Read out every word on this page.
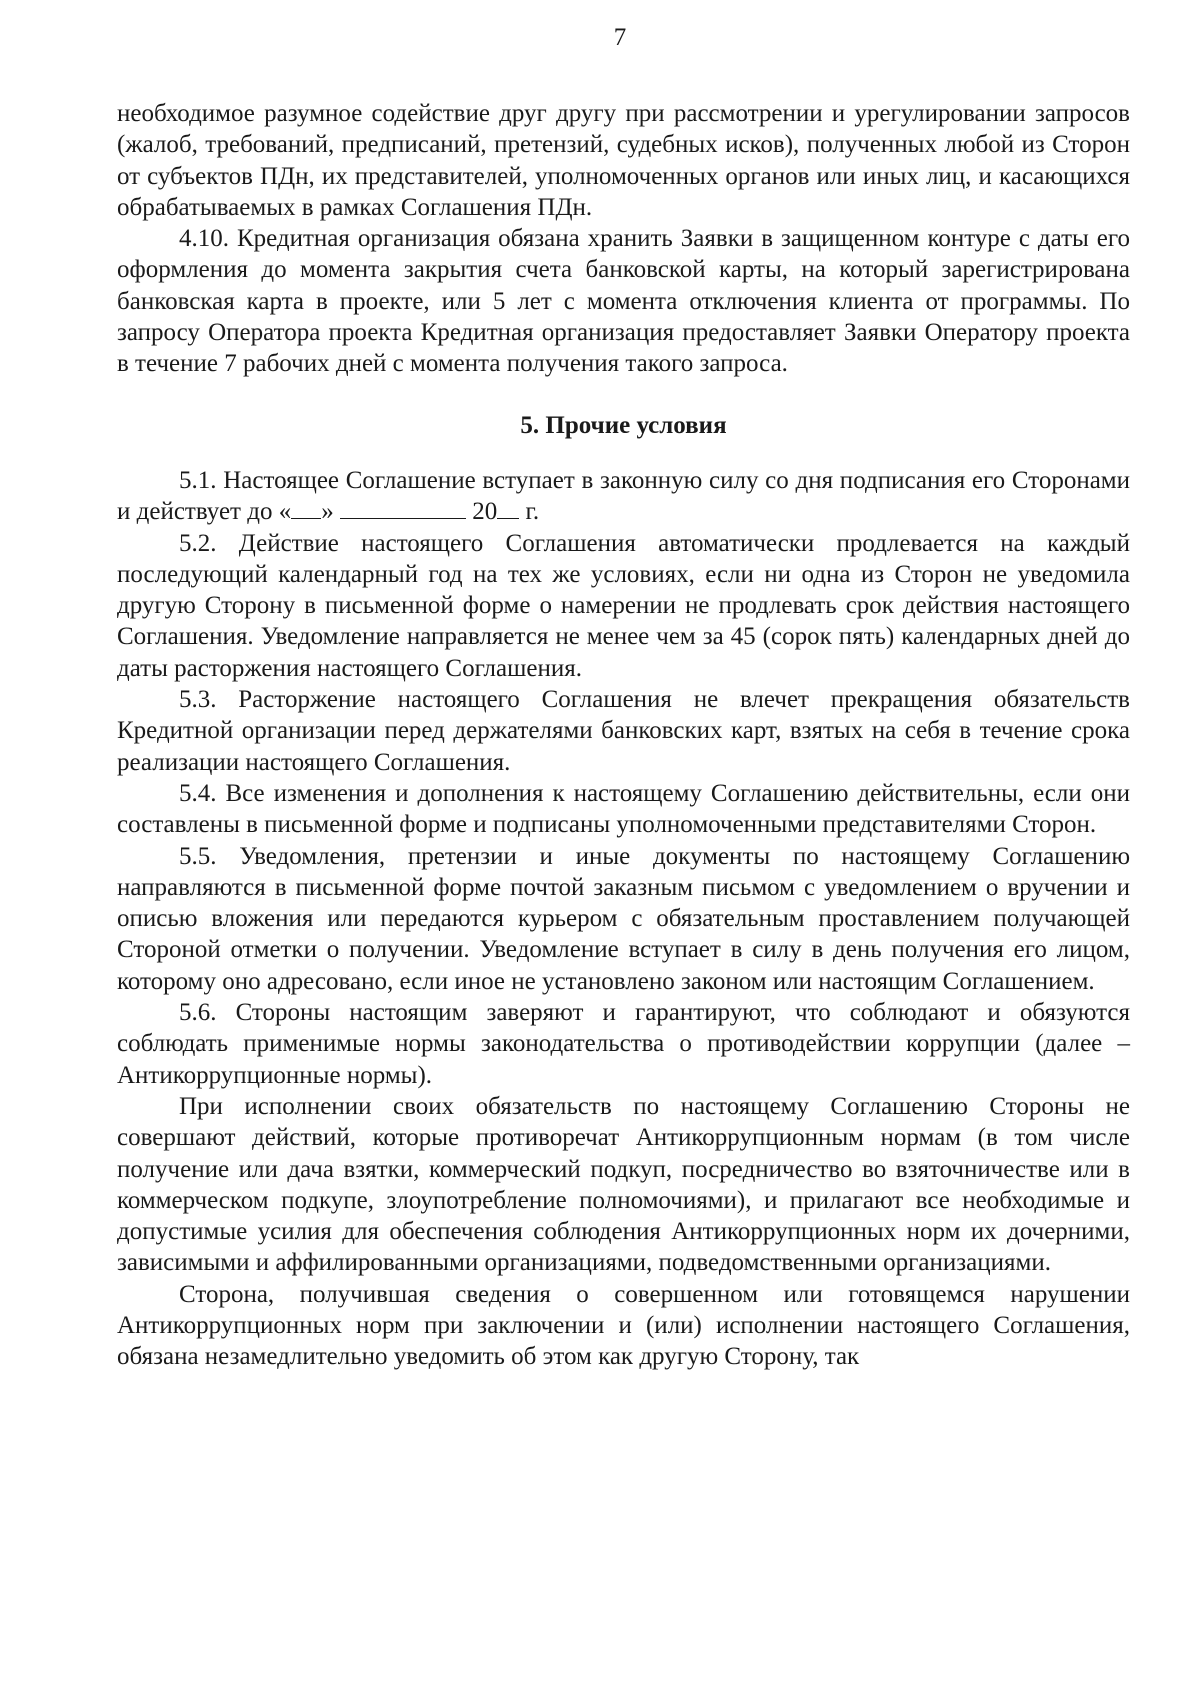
7

необходимое разумное содействие друг другу при рассмотрении и урегулировании запросов (жалоб, требований, предписаний, претензий, судебных исков), полученных любой из Сторон от субъектов ПДн, их представителей, уполномоченных органов или иных лиц, и касающихся обрабатываемых в рамках Соглашения ПДн.

4.10. Кредитная организация обязана хранить Заявки в защищенном контуре с даты его оформления до момента закрытия счета банковской карты, на который зарегистрирована банковская карта в проекте, или 5 лет с момента отключения клиента от программы. По запросу Оператора проекта Кредитная организация предоставляет Заявки Оператору проекта в течение 7 рабочих дней с момента получения такого запроса.

5. Прочие условия

5.1. Настоящее Соглашение вступает в законную силу со дня подписания его Сторонами и действует до « »	20 г.

5.2. Действие настоящего Соглашения автоматически продлевается на каждый последующий календарный год на тех же условиях, если ни одна из Сторон не уведомила другую Сторону в письменной форме о намерении не продлевать срок действия настоящего Соглашения. Уведомление направляется не менее чем за 45 (сорок пять) календарных дней до даты расторжения настоящего Соглашения.

5.3. Расторжение настоящего Соглашения не влечет прекращения обязательств Кредитной организации перед держателями банковских карт, взятых на себя в течение срока реализации настоящего Соглашения.

5.4. Все изменения и дополнения к настоящему Соглашению действительны, если они составлены в письменной форме и подписаны уполномоченными представителями Сторон.

5.5. Уведомления, претензии и иные документы по настоящему Соглашению направляются в письменной форме почтой заказным письмом с уведомлением о вручении и описью вложения или передаются курьером с обязательным проставлением получающей Стороной отметки о получении. Уведомление вступает в силу в день получения его лицом, которому оно адресовано, если иное не установлено законом или настоящим Соглашением.

5.6. Стороны настоящим заверяют и гарантируют, что соблюдают и обязуются соблюдать применимые нормы законодательства о противодействии коррупции (далее – Антикоррупционные нормы).

При исполнении своих обязательств по настоящему Соглашению Стороны не совершают действий, которые противоречат Антикоррупционным нормам (в том числе получение или дача взятки, коммерческий подкуп, посредничество во взяточничестве или в коммерческом подкупе, злоупотребление полномочиями), и прилагают все необходимые и допустимые усилия для обеспечения соблюдения Антикоррупционных норм их дочерними, зависимыми и аффилированными организациями, подведомственными организациями.

Сторона, получившая сведения о совершенном или готовящемся нарушении Антикоррупционных норм при заключении и (или) исполнении настоящего Соглашения, обязана незамедлительно уведомить об этом как другую Сторону, так
